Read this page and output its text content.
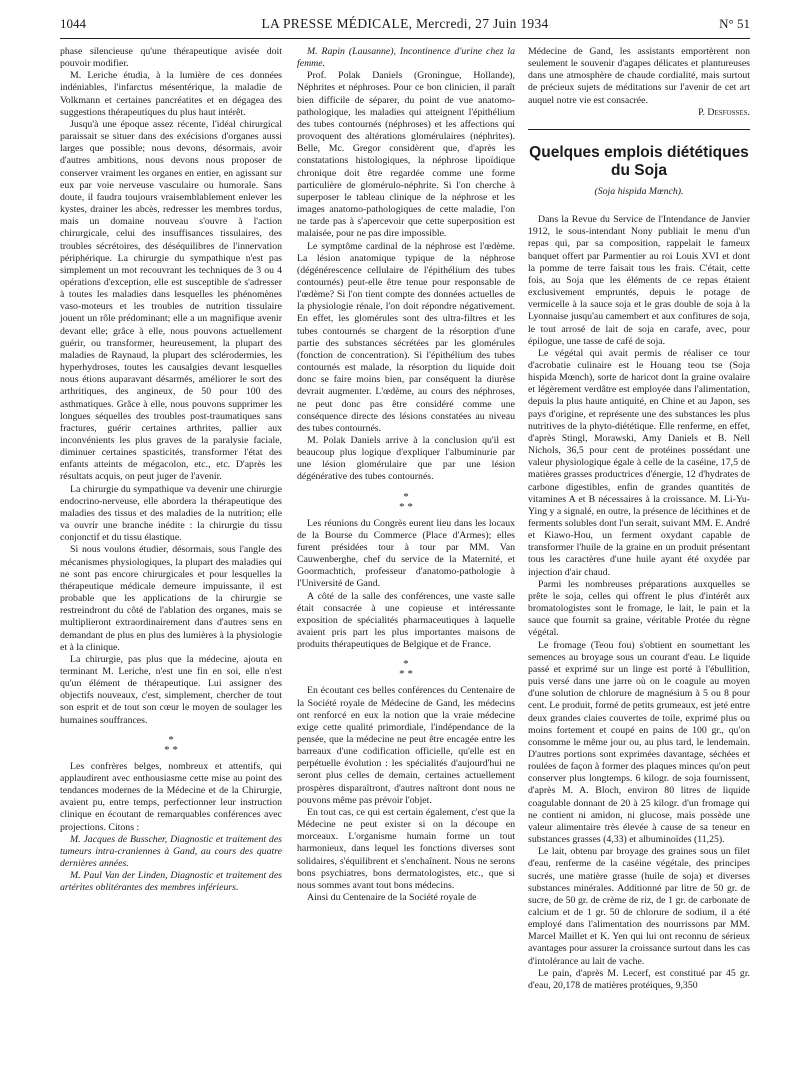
1044	LA PRESSE MÉDICALE, Mercredi, 27 Juin 1934	N° 51

phase silencieuse qu'une thérapeutique avisée doit pouvoir modifier.

M. Leriche étudia, à la lumière de ces données indéniables, l'infarctus mésentérique, la maladie de Volkmann et certaines pancréatites et en dégagea des suggestions thérapeutiques du plus haut intérêt.

Jusqu'à une époque assez récente, l'idéal chirurgical paraissait se situer dans des exécisions d'organes aussi larges que possible; nous devons, désormais, avoir d'autres ambitions, nous devons nous proposer de conserver vraiment les organes en entier, en agissant sur eux par voie nerveuse vasculaire ou humorale. Sans doute, il faudra toujours vraisemblablement enlever les kystes, drainer les abcès, redresser les membres tordus, mais un domaine nouveau s'ouvre à l'action chirurgicale, celui des insuffisances tissulaires, des troubles sécrétoires, des déséquilibres de l'innervation périphérique. La chirurgie du sympathique n'est pas simplement un mot recouvrant les techniques de 3 ou 4 opérations d'exception, elle est susceptible de s'adresser à toutes les maladies dans lesquelles les phénomènes vaso-moteurs et les troubles de nutrition tissulaire jouent un rôle prédominant; elle a un magnifique avenir devant elle; grâce à elle, nous pouvons actuellement guérir, ou transformer, heureusement, la plupart des maladies de Raynaud, la plupart des sclérodermies, les hyperhydroses, toutes les causalgies devant lesquelles nous étions auparavant désarmés, améliorer le sort des arthritiques, des angineux, de 50 pour 100 des asthmatiques. Grâce à elle, nous pouvons supprimer les longues séquelles des troubles post-traumatiques sans fractures, guérir certaines arthrites, pallier aux inconvénients les plus graves de la paralysie faciale, diminuer certaines spasticités, transformer l'état des enfants atteints de mégacolon, etc., etc. D'après les résultats acquis, on peut juger de l'avenir.

La chirurgie du sympathique va devenir une chirurgie endocrino-nerveuse, elle abordera la thérapeutique des maladies des tissus et des maladies de la nutrition; elle va ouvrir une branche inédite : la chirurgie du tissu conjonctif et du tissu élastique.

Si nous voulons étudier, désormais, sous l'angle des mécanismes physiologiques, la plupart des maladies qui ne sont pas encore chirurgicales et pour lesquelles la thérapeutique médicale demeure impuissante, il est probable que les applications de la chirurgie se restreindront du côté de l'ablation des organes, mais se multiplieront extraordinairement dans d'autres sens en demandant de plus en plus des lumières à la physiologie et à la clinique.

La chirurgie, pas plus que la médecine, ajouta en terminant M. Leriche, n'est une fin en soi, elle n'est qu'un élément de thérapeutique. Lui assigner des objectifs nouveaux, c'est, simplement, chercher de tout son esprit et de tout son cœur le moyen de soulager les humaines souffrances.

*
* *

Les confrères belges, nombreux et attentifs, qui applaudirent avec enthousiasme cette mise au point des tendances modernes de la Médecine et de la Chirurgie, avaient pu, entre temps, perfectionner leur instruction clinique en écoutant de remarquables conférences avec projections. Citons :

M. Jacques de Busscher, Diagnostic et traitement des tumeurs intra-craniennes à Gand, au cours des quatre dernières années.

M. Paul Van der Linden, Diagnostic et traitement des artérites oblitérantes des membres inférieurs.

M. Rapin (Lausanne), Incontinence d'urine chez la femme.

Prof. Polak Daniels (Groningue, Hollande), Néphrites et néphroses. Pour ce bon clinicien, il paraît bien difficile de séparer, du point de vue anatomo-pathologique, les maladies qui atteignent l'épithélium des tubes contournés (néphroses) et les affections qui provoquent des altérations glomérulaires (néphrites). Belle, Mc. Gregor considèrent que, d'après les constatations histologiques, la néphrose lipoïdique chronique doit être regardée comme une forme particulière de glomérulo-néphrite. Si l'on cherche à superposer le tableau clinique de la néphrose et les images anatomo-pathologiques de cette maladie, l'on ne tarde pas à s'apercevoir que cette superposition est malaisée, pour ne pas dire impossible.

Le symptôme cardinal de la néphrose est l'œdème. La lésion anatomique typique de la néphrose (dégénérescence cellulaire de l'épithélium des tubes contournés) peut-elle être tenue pour responsable de l'œdème? Si l'on tient compte des données actuelles de la physiologie rénale, l'on doit répondre négativement. En effet, les glomérules sont des ultra-filtres et les tubes contournés se chargent de la résorption d'une partie des substances sécrétées par les glomérules (fonction de concentration). Si l'épithélium des tubes contournés est malade, la résorption du liquide doit donc se faire moins bien, par conséquent la diurèse devrait augmenter. L'œdème, au cours des néphroses, ne peut donc pas être considéré comme une conséquence directe des lésions constatées au niveau des tubes contournés.

M. Polak Daniels arrive à la conclusion qu'il est beaucoup plus logique d'expliquer l'albuminurie par une lésion glomérulaire que par une lésion dégénérative des tubes contournés.

*
* *

Les réunions du Congrès eurent lieu dans les locaux de la Bourse du Commerce (Place d'Armes); elles furent présidées tour à tour par MM. Van Cauwenberghe, chef du service de la Maternité, et Goormachtich, professeur d'anatomo-pathologie à l'Université de Gand.

A côté de la salle des conférences, une vaste salle était consacrée à une copieuse et intéressante exposition de spécialités pharmaceutiques à laquelle avaient pris part les plus importantes maisons de produits thérapeutiques de Belgique et de France.

*
* *

En écoutant ces belles conférences du Centenaire de la Société royale de Médecine de Gand, les médecins ont renforcé en eux la notion que la vraie médecine exige cette qualité primordiale, l'indépendance de la pensée, que la médecine ne peut être encagée entre les barreaux d'une codification officielle, qu'elle est en perpétuelle évolution : les spécialités d'aujourd'hui ne seront plus celles de demain, certaines actuellement prospères disparaîtront, d'autres naîtront dont nous ne pouvons même pas prévoir l'objet.

En tout cas, ce qui est certain également, c'est que la Médecine ne peut exister si on la découpe en morceaux. L'organisme humain forme un tout harmonieux, dans lequel les fonctions diverses sont solidaires, s'équilibrent et s'enchaînent. Nous ne serons bons psychiatres, bons dermatologistes, etc., que si nous sommes avant tout bons médecins.

Ainsi du Centenaire de la Société royale de

Médecine de Gand, les assistants emportèrent non seulement le souvenir d'agapes délicates et plantureuses dans une atmosphère de chaude cordialité, mais surtout de précieux sujets de méditations sur l'avenir de cet art auquel notre vie est consacrée.

P. Desfosses.

Quelques emplois diététiques du Soja
(Soja hispida Mœnch).

Dans la Revue du Service de l'Intendance de Janvier 1912, le sous-intendant Nony publiait le menu d'un repas qui, par sa composition, rappelait le fameux banquet offert par Parmentier au roi Louis XVI et dont la pomme de terre faisait tous les frais. C'était, cette fois, au Soja que les éléments de ce repas étaient exclusivement empruntés, depuis le potage de vermicelle à la sauce soja et le gras double de soja à la Lyonnaise jusqu'au camembert et aux confitures de soja, le tout arrosé de lait de soja en carafe, avec, pour épilogue, une tasse de café de soja.

Le végétal qui avait permis de réaliser ce tour d'acrobatie culinaire est le Houang teou tse (Soja hispida Mœnch), sorte de haricot dont la graine ovalaire et légèrement verdâtre est employée dans l'alimentation, depuis la plus haute antiquité, en Chine et au Japon, ses pays d'origine, et représente une des substances les plus nutritives de la phyto-diététique. Elle renferme, en effet, d'après Stingl, Morawski, Amy Daniels et B. Nell Nichols, 36,5 pour cent de protéines possédant une valeur physiologique égale à celle de la caséine, 17,5 de matières grasses productrices d'énergie, 12 d'hydrates de carbone digestibles, enfin de grandes quantités de vitamines A et B nécessaires à la croissance. M. Li-Yu-Ying y a signalé, en outre, la présence de lécithines et de ferments solubles dont l'un serait, suivant MM. E. André et Kiawo-Hou, un ferment oxydant capable de transformer l'huile de la graine en un produit présentant tous les caractères d'une huile ayant été oxydée par injection d'air chaud.

Parmi les nombreuses préparations auxquelles se prête le soja, celles qui offrent le plus d'intérêt aux bromatologistes sont le fromage, le lait, le pain et la sauce que fournit sa graine, véritable Protée du règne végétal.

Le fromage (Teou fou) s'obtient en soumettant les semences au broyage sous un courant d'eau. Le liquide passé et exprimé sur un linge est porté à l'ébullition, puis versé dans une jarre où on le coagule au moyen d'une solution de chlorure de magnésium à 5 ou 8 pour cent. Le produit, formé de petits grumeaux, est jeté entre deux grandes claies couvertes de toile, exprimé plus ou moins fortement et coupé en pains de 100 gr., qu'on consomme le même jour ou, au plus tard, le lendemain. D'autres portions sont exprimées davantage, séchées et roulées de façon à former des plaques minces qu'on peut conserver plus longtemps. 6 kilogr. de soja fournissent, d'après M. A. Bloch, environ 80 litres de liquide coagulable donnant de 20 à 25 kilogr. d'un fromage qui ne contient ni amidon, ni glucose, mais possède une valeur alimentaire très élevée à cause de sa teneur en substances grasses (4,33) et albuminoïdes (11,25).

Le lait, obtenu par broyage des graines sous un filet d'eau, renferme de la caséine végétale, des principes sucrés, une matière grasse (huile de soja) et diverses substances minérales. Additionné par litre de 50 gr. de sucre, de 50 gr. de crème de riz, de 1 gr. de carbonate de calcium et de 1 gr. 50 de chlorure de sodium, il a été employé dans l'alimentation des nourrissons par MM. Marcel Maillet et K. Yen qui lui ont reconnu de sérieux avantages pour assurer la croissance surtout dans les cas d'intolérance au lait de vache.

Le pain, d'après M. Lecerf, est constitué par 45 gr. d'eau, 20,178 de matières protéiques, 9,350
